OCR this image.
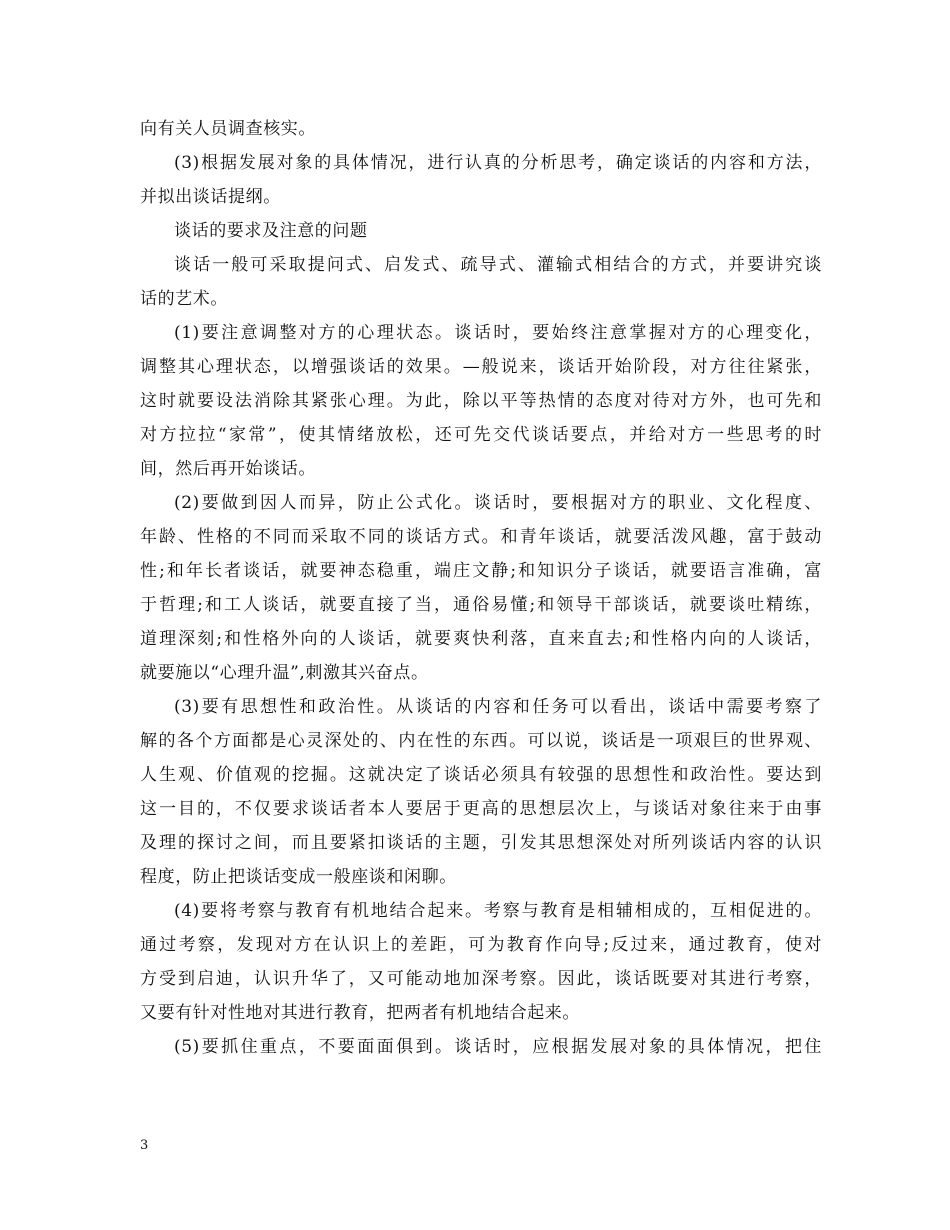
向有关人员调查核实。
(3)根据发展对象的具体情况，进行认真的分析思考，确定谈话的内容和方法，
并拟出谈话提纲。
谈话的要求及注意的问题
谈话一般可采取提问式、启发式、疏导式、灌输式相结合的方式，并要讲究谈
话的艺术。
(1)要注意调整对方的心理状态。谈话时，要始终注意掌握对方的心理变化，
调整其心理状态，以增强谈话的效果。—般说来，谈话开始阶段，对方往往紧张，
这时就要设法消除其紧张心理。为此，除以平等热情的态度对待对方外，也可先和
对方拉拉“家常”，使其情绪放松，还可先交代谈话要点，并给对方一些思考的时
间，然后再开始谈话。
(2)要做到因人而异，防止公式化。谈话时，要根据对方的职业、文化程度、
年龄、性格的不同而采取不同的谈话方式。和青年谈话，就要活泼风趣，富于鼓动
性;和年长者谈话，就要神态稳重，端庄文静;和知识分子谈话，就要语言准确，富
于哲理;和工人谈话，就要直接了当，通俗易懂;和领导干部谈话，就要谈吐精练，
道理深刻;和性格外向的人谈话，就要爽快利落，直来直去;和性格内向的人谈话，
就要施以“心理升温”,刺激其兴奋点。
(3)要有思想性和政治性。从谈话的内容和任务可以看出，谈话中需要考察了
解的各个方面都是心灵深处的、内在性的东西。可以说，谈话是一项艰巨的世界观、
人生观、价值观的挖掘。这就决定了谈话必须具有较强的思想性和政治性。要达到
这一目的，不仅要求谈话者本人要居于更高的思想层次上，与谈话对象往来于由事
及理的探讨之间，而且要紧扣谈话的主题，引发其思想深处对所列谈话内容的认识
程度，防止把谈话变成一般座谈和闲聊。
(4)要将考察与教育有机地结合起来。考察与教育是相辅相成的，互相促进的。
通过考察，发现对方在认识上的差距，可为教育作向导;反过来，通过教育，使对
方受到启迪，认识升华了，又可能动地加深考察。因此，谈话既要对其进行考察，
又要有针对性地对其进行教育，把两者有机地结合起来。
(5)要抓住重点，不要面面俱到。谈话时，应根据发展对象的具体情况，把住
3
